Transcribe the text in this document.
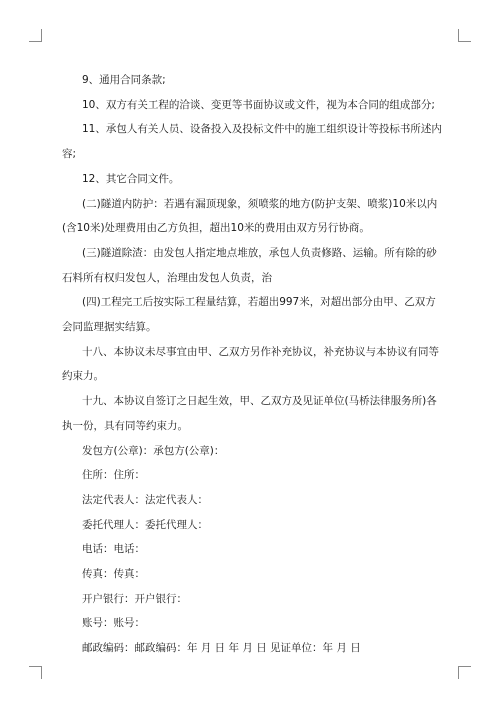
9、通用合同条款;

10、双方有关工程的洽谈、变更等书面协议或文件，视为本合同的组成部分;

11、承包人有关人员、设备投入及投标文件中的施工组织设计等投标书所述内容;

12、其它合同文件。

(二)隧道内防护：若遇有漏顶现象，须喷浆的地方(防护支架、喷浆)10米以内(含10米)处理费用由乙方负担，超出10米的费用由双方另行协商。

(三)隧道除渣：由发包人指定地点堆放，承包人负责修路、运输。所有除的砂石料所有权归发包人，治理由发包人负责，治

(四)工程完工后按实际工程量结算，若超出997米，对超出部分由甲、乙双方会同监理据实结算。

十八、本协议未尽事宜由甲、乙双方另作补充协议，补充协议与本协议有同等约束力。

十九、本协议自签订之日起生效，甲、乙双方及见证单位(马桥法律服务所)各执一份，具有同等约束力。

发包方(公章)：承包方(公章)：

住所：住所：

法定代表人：法定代表人：

委托代理人：委托代理人：

电话：电话：

传真：传真：

开户银行：开户银行：

账号：账号：

邮政编码：邮政编码：年 月 日 年 月 日 见证单位：年 月 日
